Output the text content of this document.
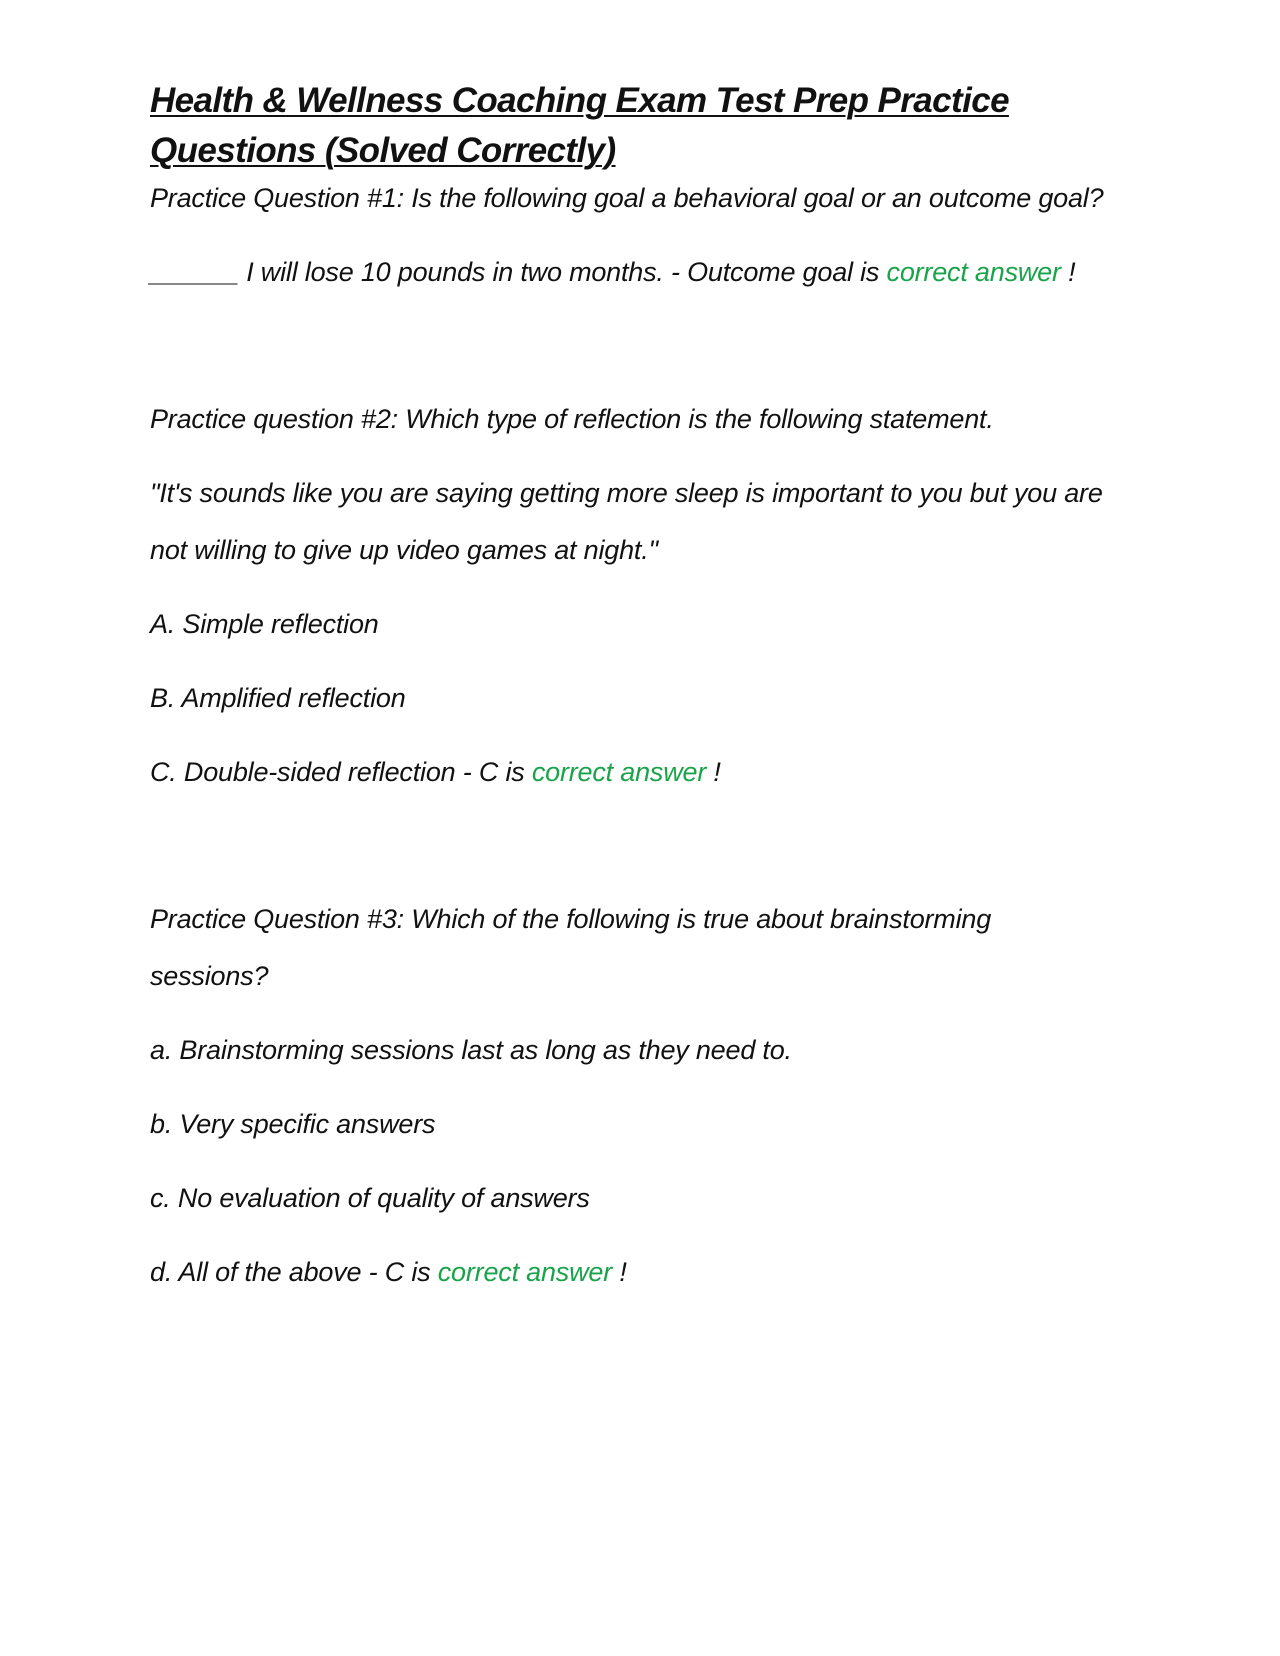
Health & Wellness Coaching Exam Test Prep Practice
Questions (Solved Correctly)

Practice Question #1: Is the following goal a behavioral goal or an outcome goal?

______ I will lose 10 pounds in two months. - Outcome goal is correct answer !

Practice question #2: Which type of reflection is the following statement.

"It's sounds like you are saying getting more sleep is important to you but you are not willing to give up video games at night."

A. Simple reflection

B. Amplified reflection

C. Double-sided reflection - C is correct answer !

Practice Question #3: Which of the following is true about brainstorming sessions?

a. Brainstorming sessions last as long as they need to.

b. Very specific answers

c. No evaluation of quality of answers

d. All of the above - C is correct answer !
